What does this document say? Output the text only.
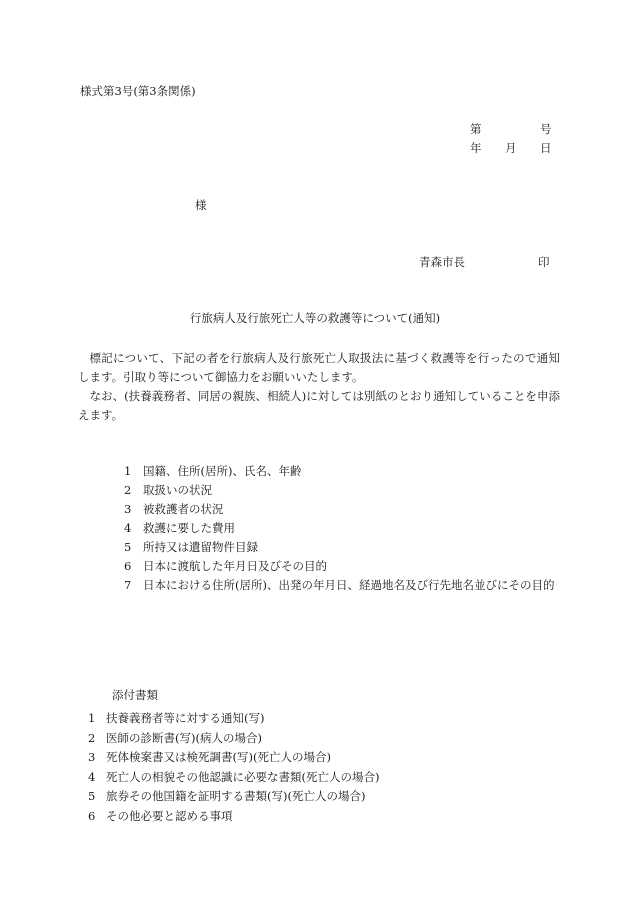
様式第3号(第3条関係)
第	号
年 月 日
様
青森市長	印
行旅病人及行旅死亡人等の救護等について(通知)

標記について、下記の者を行旅病人及行旅死亡人取扱法に基づく救護等を行ったので通知します。引取り等について御協力をお願いいたします。

なお、(扶養義務者、同居の親族、相続人)に対しては別紙のとおり通知していることを申添えます。

1	国籍、住所(居所)、氏名、年齢
2	取扱いの状況
3	被救護者の状況
4	救護に要した費用
5	所持又は遺留物件目録
6	日本に渡航した年月日及びその目的
7	日本における住所(居所)、出発の年月日、経過地名及び行先地名並びにその目的
添付書類
1 扶養義務者等に対する通知(写)
2 医師の診断書(写)(病人の場合)
3 死体検案書又は検死調書(写)(死亡人の場合)
4 死亡人の相貌その他認識に必要な書類(死亡人の場合)
5 旅券その他国籍を証明する書類(写)(死亡人の場合)
6 その他必要と認める事項
